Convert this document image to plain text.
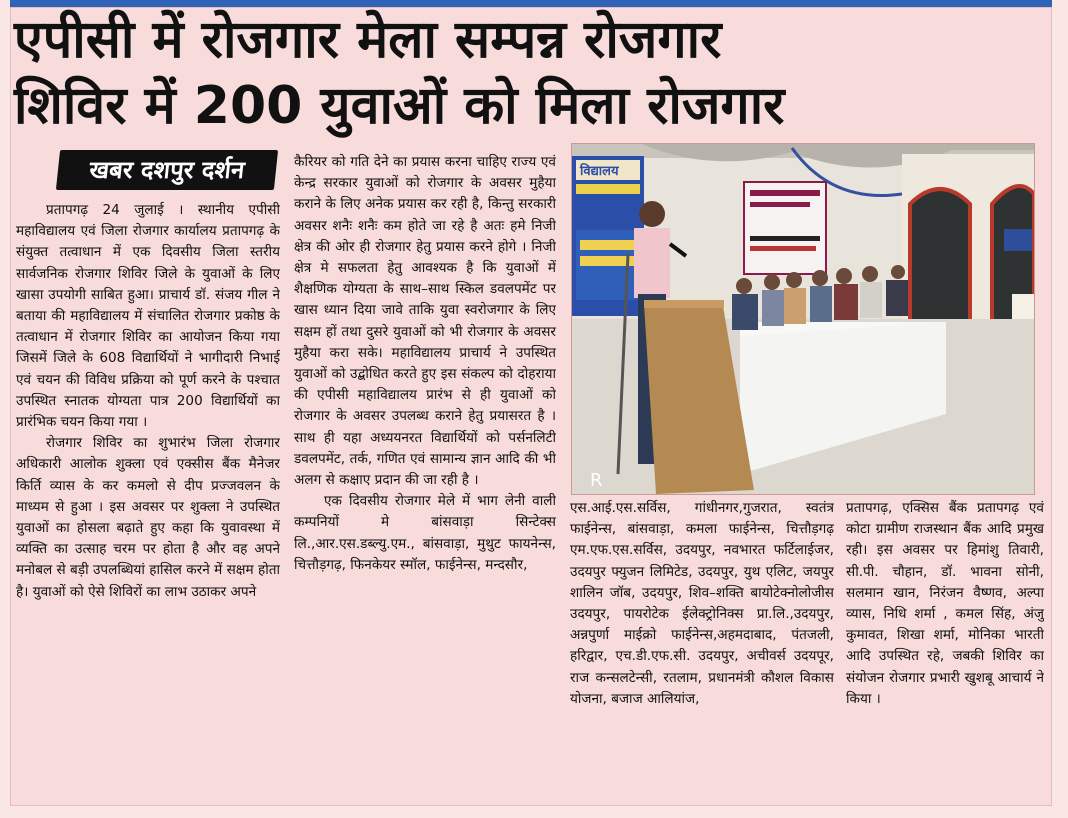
एपीसी में रोजगार मेला सम्पन्न रोजगार
शिविर में 200 युवाओं को मिला रोजगार
खबर दशपुर दर्शन

प्रतापगढ़ 24 जुलाई । स्थानीय एपीसी महाविद्यालय एवं जिला रोजगार कार्यालय प्रतापगढ़ के संयुक्त तत्वाधान में एक दिवसीय जिला स्तरीय सार्वजनिक रोजगार शिविर जिले के युवाओं के लिए खासा उपयोगी साबित हुआ। प्राचार्य डॉ. संजय गील ने बताया की महाविद्यालय में संचालित रोजगार प्रकोष्ठ के तत्वाधान में रोजगार शिविर का आयोजन किया गया जिसमें जिले के 608 विद्यार्थियों ने भागीदारी निभाई एवं चयन की विविध प्रक्रिया को पूर्ण करने के पश्चात उपस्थित स्नातक योग्यता पात्र 200 विद्यार्थियों का प्रारंभिक चयन किया गया ।

रोजगार शिविर का शुभारंभ जिला रोजगार अधिकारी आलोक शुक्ला एवं एक्सीस बैंक मैनेजर किर्ति व्यास के कर कमलो से दीप प्रज्जवलन के माध्यम से हुआ । इस अवसर पर शुक्ला ने उपस्थित युवाओं का होसला बढ़ाते हुए कहा कि युवावस्था में व्यक्ति का उत्साह चरम पर होता है और वह अपने मनोबल से बड़ी उपलब्धियां हासिल करने में सक्षम होता है। युवाओं को ऐसे शिविरों का लाभ उठाकर अपने

कैरियर को गति देने का प्रयास करना चाहिए राज्य एवं केन्द्र सरकार युवाओं को रोजगार के अवसर मुहैया कराने के लिए अनेक प्रयास कर रही है, किन्तु सरकारी अवसर शनैः शनैः कम होते जा रहे है अतः हमे निजी क्षेत्र की ओर ही रोजगार हेतु प्रयास करने होगे । निजी क्षेत्र मे सफलता हेतु आवश्यक है कि युवाओं में शैक्षणिक योग्यता के साथ–साथ स्किल डवलपमेंट पर खास ध्यान दिया जावे ताकि युवा स्वरोजगार के लिए सक्षम हों तथा दुसरे युवाओं को भी रोजगार के अवसर मुहैया करा सके। महाविद्यालय प्राचार्य ने उपस्थित युवाओं को उद्बोधित करते हुए इस संकल्प को दोहराया की एपीसी महाविद्यालय प्रारंभ से ही युवाओं को रोजगार के अवसर उपलब्ध कराने हेतु प्रयासरत है । साथ ही यहा अध्ययनरत विद्यार्थियों को पर्सनलिटी डवलपमेंट, तर्क, गणित एवं सामान्य ज्ञान आदि की भी अलग से कक्षाए प्रदान की जा रही है ।

एक दिवसीय रोजगार मेले में भाग लेनी वाली कम्पनियों मे बांसवाड़ा सिन्टेक्स लि.,आर.एस.डब्ल्यु.एम., बांसवाड़ा, मुथुट फायनेन्स, चित्तौड़गढ़, फिनकेयर स्मॉल, फाईनेन्स, मन्दसौर,

विद्यालय
R

एस.आई.एस.सर्विस, गांधीनगर,गुजरात, स्वतंत्र फाईनेन्स, बांसवाड़ा, कमला फाईनेन्स, चित्तौड़गढ़ एम.एफ.एस.सर्विस, उदयपुर, नवभारत फर्टिलाईजर, उदयपुर फ्युजन लिमिटेड, उदयपुर, युथ एलिट, जयपुर शालिन जॉब, उदयपुर, शिव–शक्ति बायोटेक्नोलोजीस उदयपुर, पायरोटेक ईलेक्ट्रोनिक्स प्रा.लि.,उदयपुर, अन्नपुर्णा माईक्रो फाईनेन्स,अहमदाबाद, पंतजली, हरिद्वार, एच.डी.एफ.सी. उदयपुर, अचीवर्स उदयपूर, राज कन्सलटेन्सी, रतलाम, प्रधानमंत्री कौशल विकास योजना, बजाज आलियांज,

प्रतापगढ़, एक्सिस बैंक प्रतापगढ़ एवं कोटा ग्रामीण राजस्थान बैंक आदि प्रमुख रही। इस अवसर पर हिमांशु तिवारी, सी.पी. चौहान, डॉ. भावना सोनी, सलमान खान, निरंजन वैष्णव, अल्पा व्यास, निधि शर्मा , कमल सिंह, अंजु कुमावत, शिखा शर्मा, मोनिका भारती आदि उपस्थित रहे, जबकी शिविर का संयोजन रोजगार प्रभारी खुशबू आचार्य ने किया ।
